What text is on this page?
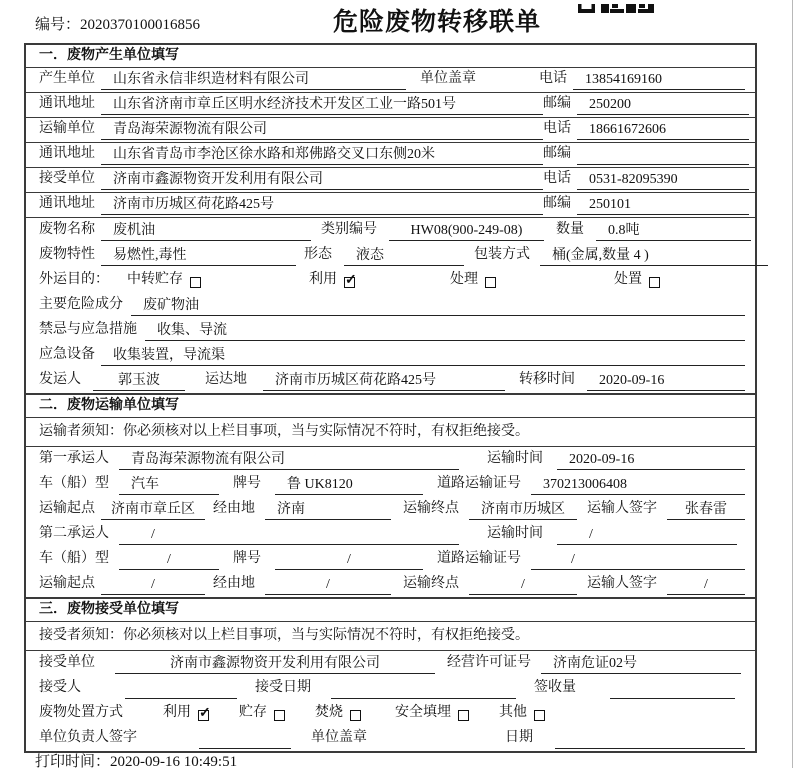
编号：2020370100016856	危险废物转移联单
一．废物产生单位填写
产生单位	山东省永信非织造材料有限公司	单位盖章	电话	13854169160
通讯地址	山东省济南市章丘区明水经济技术开发区工业一路501号	邮编	250200
运输单位	青岛海荣源物流有限公司	电话	18661672606
通讯地址	山东省青岛市李沧区徐水路和郑佛路交叉口东侧20米	邮编
接受单位	济南市鑫源物资开发利用有限公司	电话	0531-82095390
通讯地址	济南市历城区荷花路425号	邮编	250101
废物名称	废机油	类别编号	HW08(900-249-08)	数量	0.8吨
废物特性	易燃性,毒性	形态	液态	包装方式	桶(金属,数量 4 )
外运目的：	中转贮存	利用 ✓	处理	处置
主要危险成分	废矿物油
禁忌与应急措施	收集、导流
应急设备	收集装置，导流渠
发运人	郭玉波	运达地	济南市历城区荷花路425号	转移时间	2020-09-16
二．废物运输单位填写
运输者须知：你必须核对以上栏目事项，当与实际情况不符时，有权拒绝接受。
第一承运人	青岛海荣源物流有限公司	运输时间	2020-09-16
车（船）型	汽车	牌号	鲁 UK8120	道路运输证号	370213006408
运输起点	济南市章丘区	经由地	济南	运输终点	济南市历城区	运输人签字	张春雷
第二承运人	/	运输时间	/
车（船）型	/	牌号	/	道路运输证号	/
运输起点	/	经由地	/	运输终点	/	运输人签字	/
三．废物接受单位填写
接受者须知：你必须核对以上栏目事项，当与实际情况不符时，有权拒绝接受。
接受单位	济南市鑫源物资开发利用有限公司	经营许可证号	济南危证02号
接受人	接受日期	签收量
废物处置方式	利用 ✓	贮存	焚烧	安全填埋	其他
单位负责人签字	单位盖章	日期
打印时间：2020-09-16 10:49:51
